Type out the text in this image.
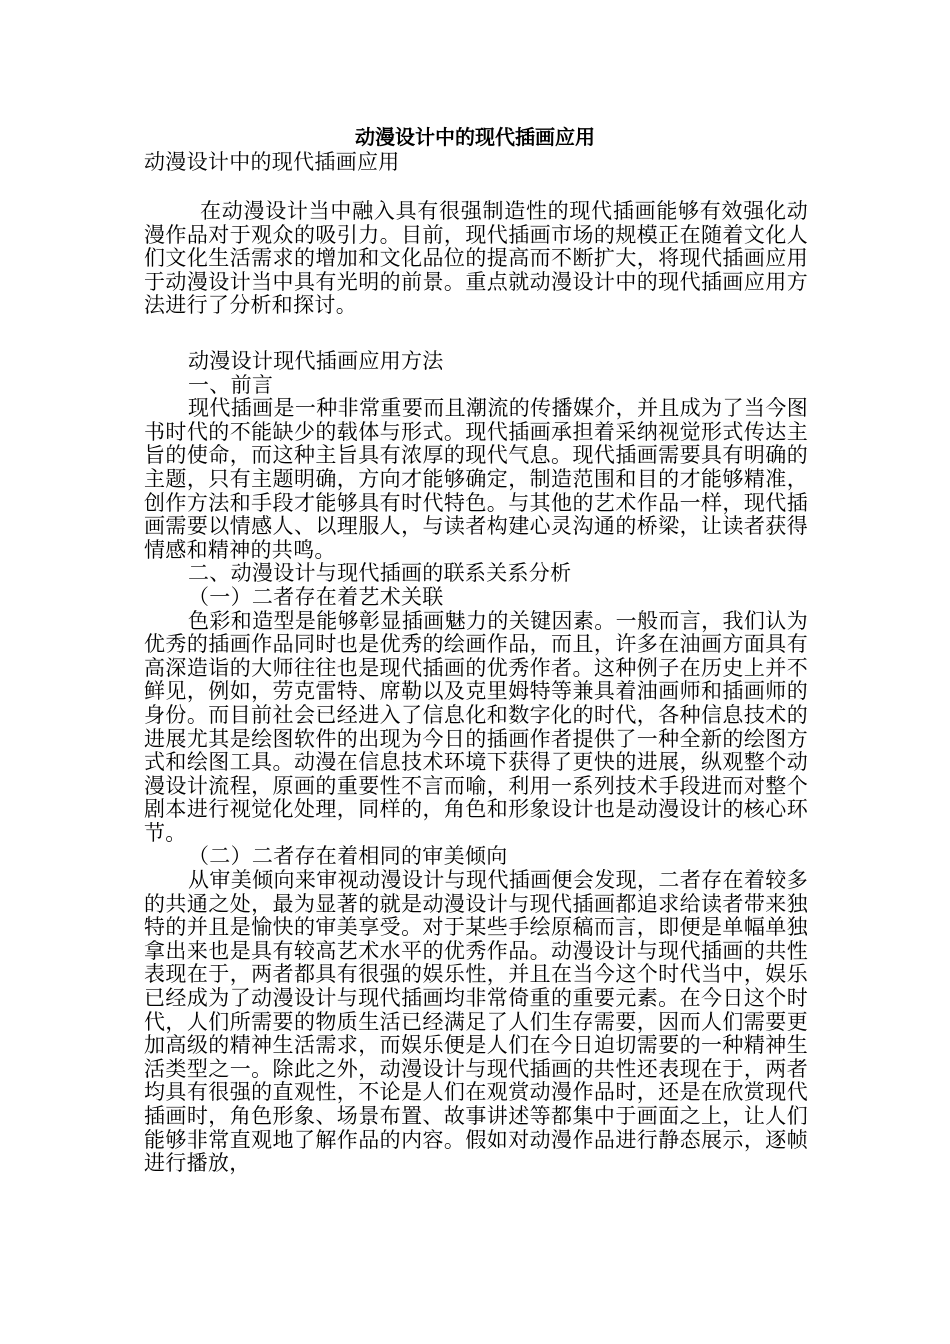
动漫设计中的现代插画应用
动漫设计中的现代插画应用
在动漫设计当中融入具有很强制造性的现代插画能够有效强化动漫作品对于观众的吸引力。目前，现代插画市场的规模正在随着文化人们文化生活需求的增加和文化品位的提高而不断扩大，将现代插画应用于动漫设计当中具有光明的前景。重点就动漫设计中的现代插画应用方法进行了分析和探讨。

动漫设计现代插画应用方法

一、前言

现代插画是一种非常重要而且潮流的传播媒介，并且成为了当今图书时代的不能缺少的载体与形式。现代插画承担着采纳视觉形式传达主旨的使命，而这种主旨具有浓厚的现代气息。现代插画需要具有明确的主题，只有主题明确，方向才能够确定，制造范围和目的才能够精准，创作方法和手段才能够具有时代特色。与其他的艺术作品一样，现代插画需要以情感人、以理服人，与读者构建心灵沟通的桥梁，让读者获得情感和精神的共鸣。

二、动漫设计与现代插画的联系关系分析

（一）二者存在着艺术关联

色彩和造型是能够彰显插画魅力的关键因素。一般而言，我们认为优秀的插画作品同时也是优秀的绘画作品，而且，许多在油画方面具有高深造诣的大师往往也是现代插画的优秀作者。这种例子在历史上并不鲜见，例如，劳克雷特、席勒以及克里姆特等兼具着油画师和插画师的身份。而目前社会已经进入了信息化和数字化的时代，各种信息技术的进展尤其是绘图软件的出现为今日的插画作者提供了一种全新的绘图方式和绘图工具。动漫在信息技术环境下获得了更快的进展，纵观整个动漫设计流程，原画的重要性不言而喻，利用一系列技术手段进而对整个剧本进行视觉化处理，同样的，角色和形象设计也是动漫设计的核心环节。

（二）二者存在着相同的审美倾向

从审美倾向来审视动漫设计与现代插画便会发现，二者存在着较多的共通之处，最为显著的就是动漫设计与现代插画都追求给读者带来独特的并且是愉快的审美享受。对于某些手绘原稿而言，即便是单幅单独拿出来也是具有较高艺术水平的优秀作品。动漫设计与现代插画的共性表现在于，两者都具有很强的娱乐性，并且在当今这个时代当中，娱乐已经成为了动漫设计与现代插画均非常倚重的重要元素。在今日这个时代，人们所需要的物质生活已经满足了人们生存需要，因而人们需要更加高级的精神生活需求，而娱乐便是人们在今日迫切需要的一种精神生活类型之一。除此之外，动漫设计与现代插画的共性还表现在于，两者均具有很强的直观性，不论是人们在观赏动漫作品时，还是在欣赏现代插画时，角色形象、场景布置、故事讲述等都集中于画面之上，让人们能够非常直观地了解作品的内容。假如对动漫作品进行静态展示，逐帧进行播放，
